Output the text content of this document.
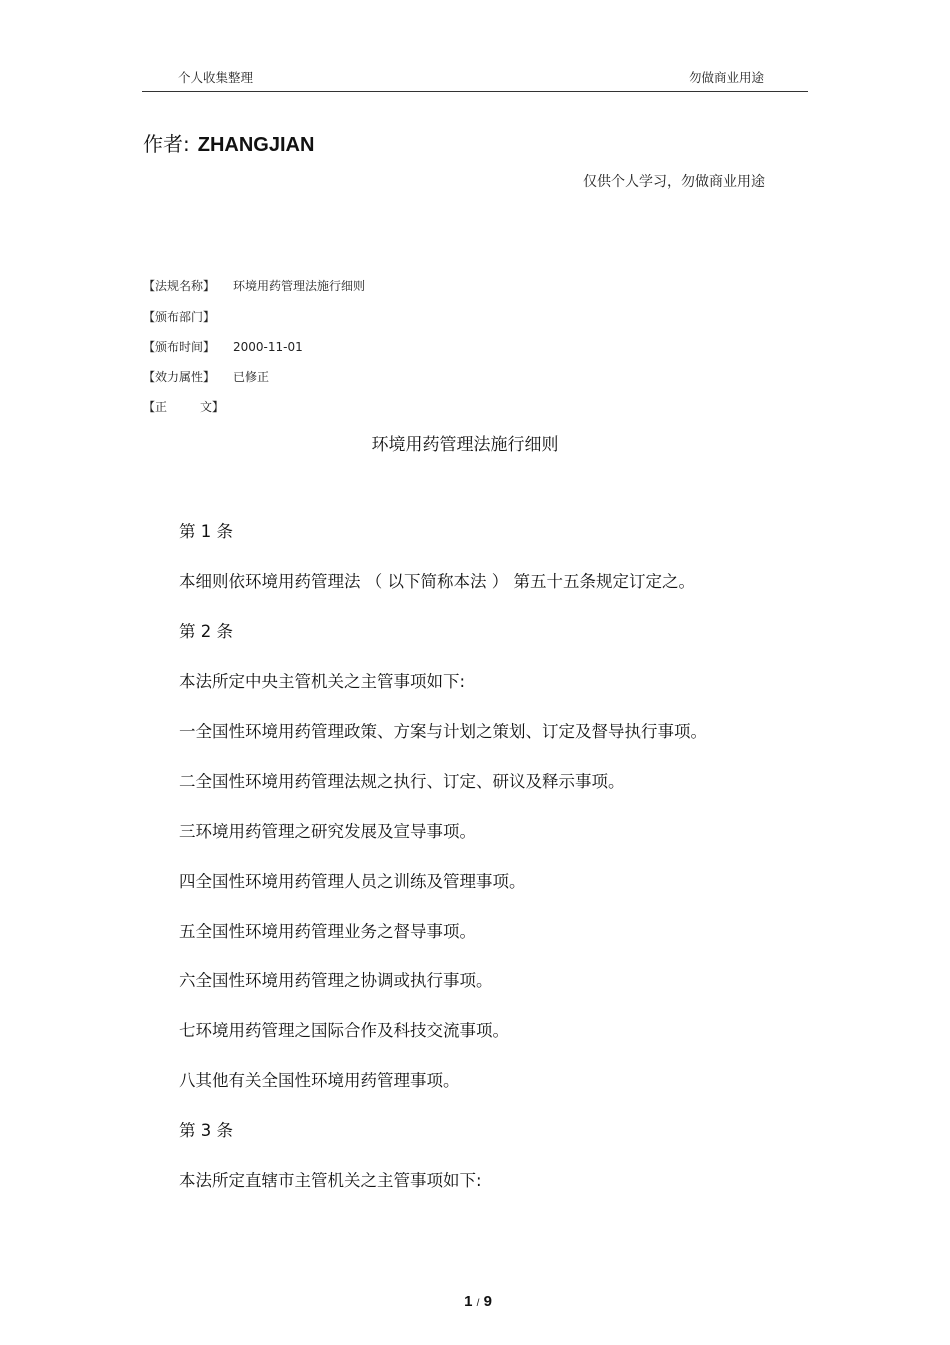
个人收集整理	勿做商业用途
作者: ZHANGJIAN
仅供个人学习，勿做商业用途
【法规名称】 环境用药管理法施行细则
【颁布部门】
【颁布时间】 2000-11-01
【效力属性】 已修正
【正	文】
环境用药管理法施行细则
第 1 条
本细则依环境用药管理法 （ 以下简称本法 ） 第五十五条规定订定之。
第 2 条
本法所定中央主管机关之主管事项如下:
一全国性环境用药管理政策、方案与计划之策划、订定及督导执行事项。
二全国性环境用药管理法规之执行、订定、研议及释示事项。
三环境用药管理之研究发展及宣导事项。
四全国性环境用药管理人员之训练及管理事项。
五全国性环境用药管理业务之督导事项。
六全国性环境用药管理之协调或执行事项。
七环境用药管理之国际合作及科技交流事项。
八其他有关全国性环境用药管理事项。
第 3 条
本法所定直辖市主管机关之主管事项如下:
1 / 9
